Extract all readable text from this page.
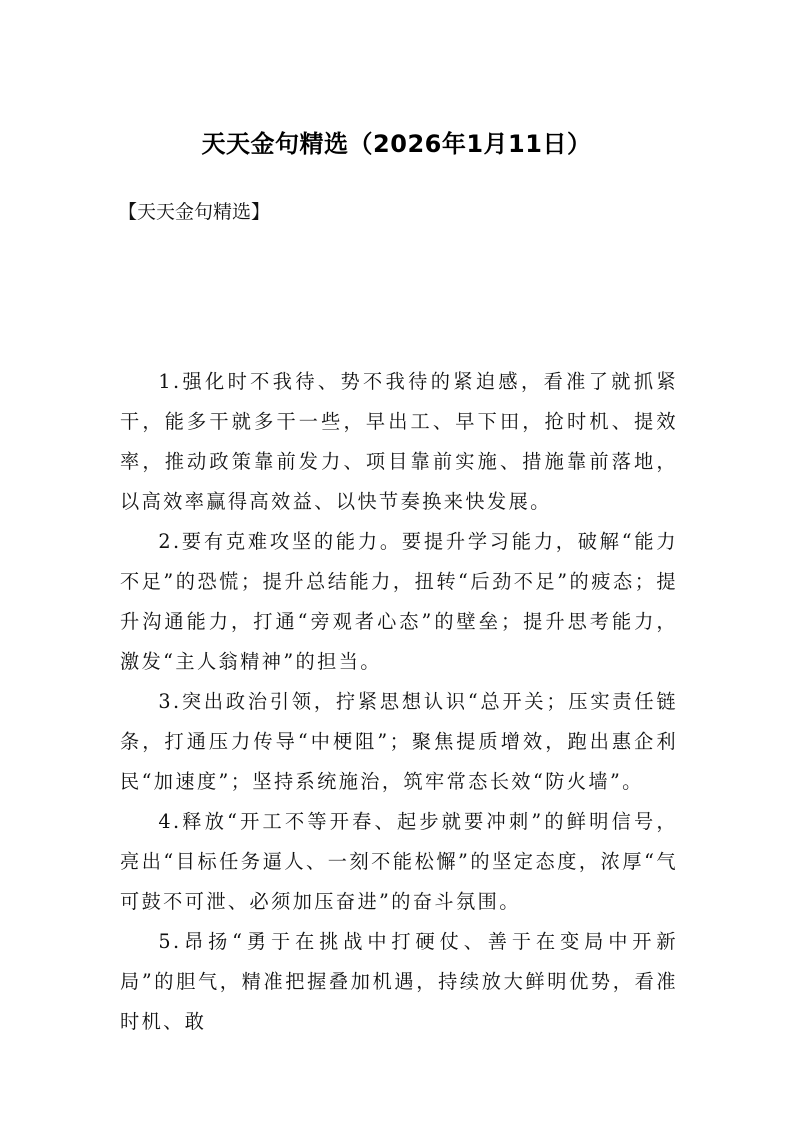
天天金句精选（2026年1月11日）
【天天金句精选】

1.强化时不我待、势不我待的紧迫感，看准了就抓紧干，能多干就多干一些，早出工、早下田，抢时机、提效率，推动政策靠前发力、项目靠前实施、措施靠前落地，以高效率赢得高效益、以快节奏换来快发展。

2.要有克难攻坚的能力。要提升学习能力，破解“能力不足”的恐慌；提升总结能力，扭转“后劲不足”的疲态；提升沟通能力，打通“旁观者心态”的壁垒；提升思考能力，激发“主人翁精神”的担当。

3.突出政治引领，拧紧思想认识“总开关；压实责任链条，打通压力传导“中梗阻”；聚焦提质增效，跑出惠企利民“加速度”；坚持系统施治，筑牢常态长效“防火墙”。

4.释放“开工不等开春、起步就要冲刺”的鲜明信号，亮出“目标任务逼人、一刻不能松懈”的坚定态度，浓厚“气可鼓不可泄、必须加压奋进”的奋斗氛围。

5.昂扬“勇于在挑战中打硬仗、善于在变局中开新局”的胆气，精准把握叠加机遇，持续放大鲜明优势，看准时机、敢
